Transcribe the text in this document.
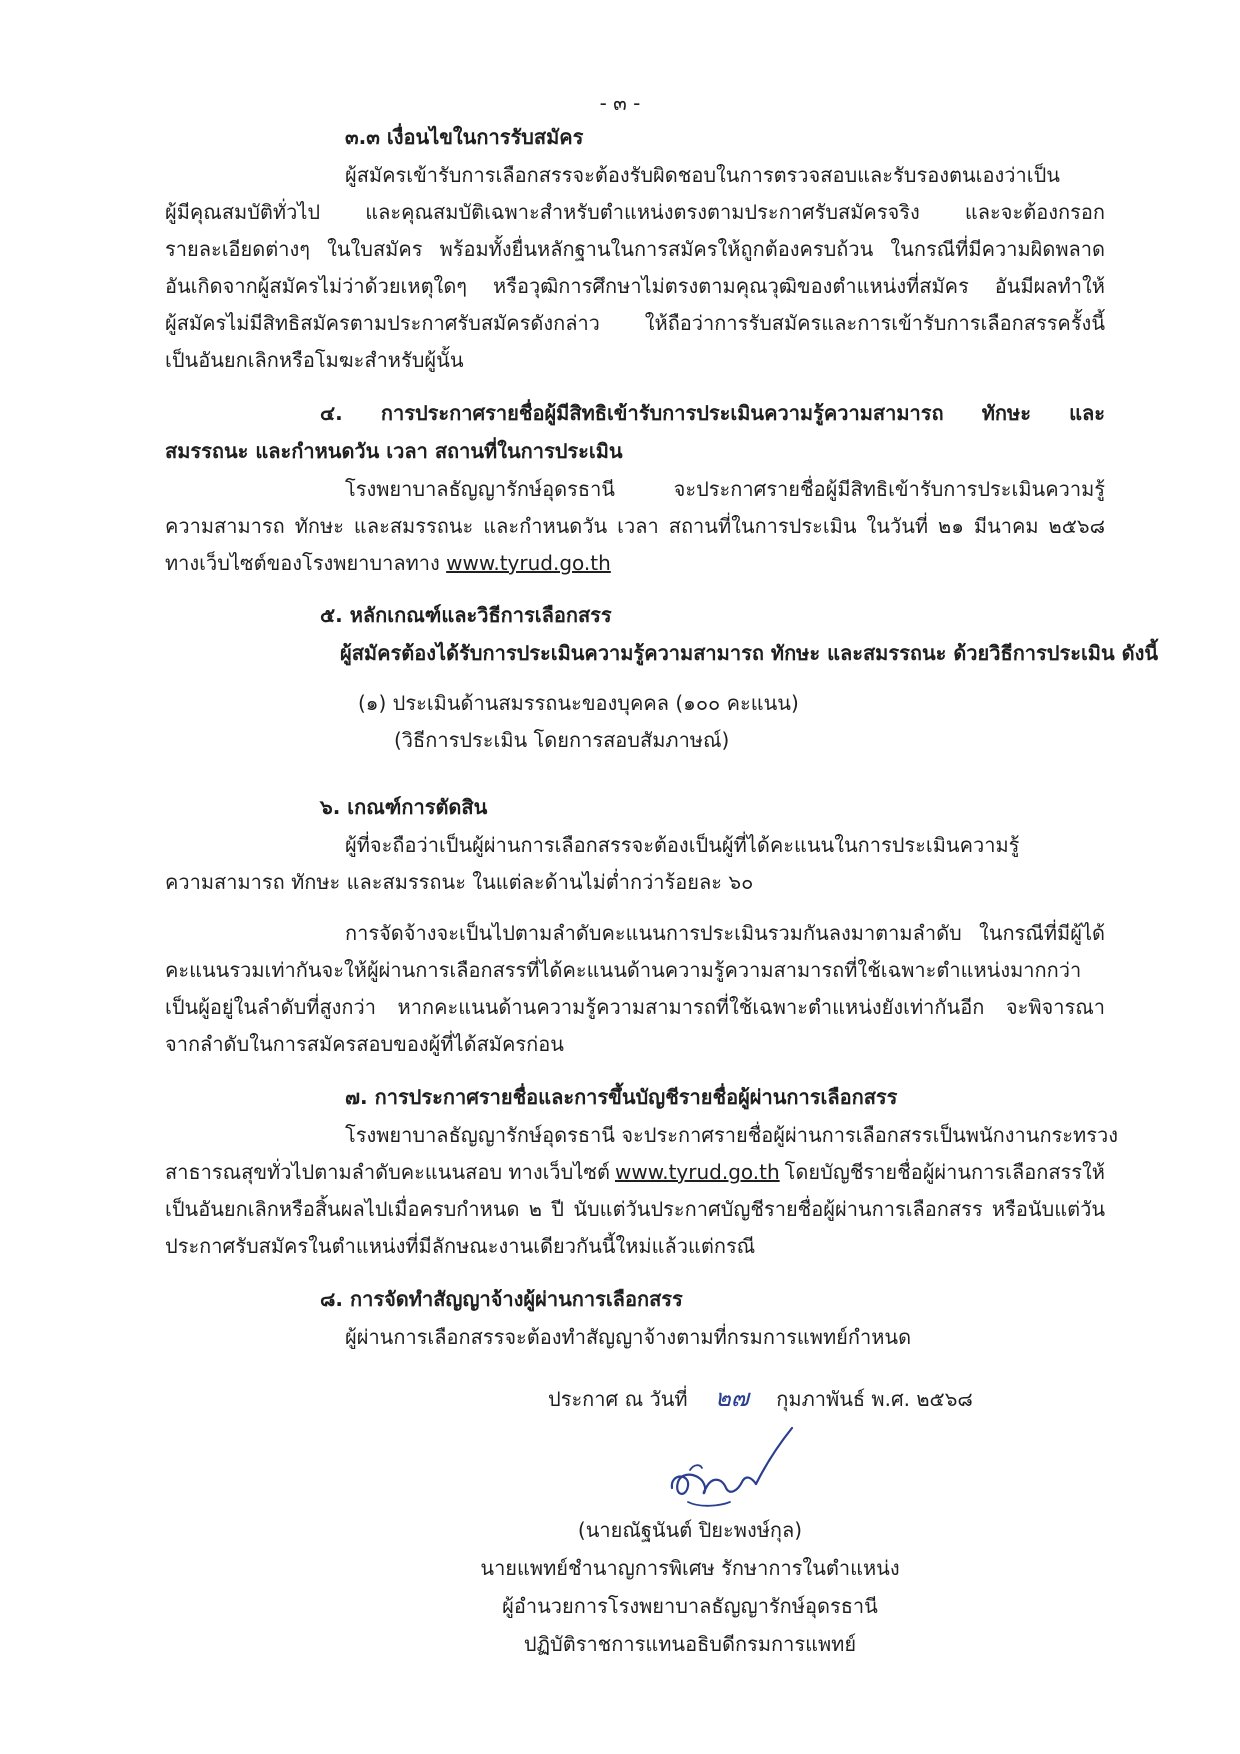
- ๓ -
๓.๓ เงื่อนไขในการรับสมัคร
ผู้สมัครเข้ารับการเลือกสรรจะต้องรับผิดชอบในการตรวจสอบและรับรองตนเองว่าเป็น
ผู้มีคุณสมบัติทั่วไป และคุณสมบัติเฉพาะสำหรับตำแหน่งตรงตามประกาศรับสมัครจริง และจะต้องกรอก
รายละเอียดต่างๆ ในใบสมัคร พร้อมทั้งยื่นหลักฐานในการสมัครให้ถูกต้องครบถ้วน ในกรณีที่มีความผิดพลาด
อันเกิดจากผู้สมัครไม่ว่าด้วยเหตุใดๆ หรือวุฒิการศึกษาไม่ตรงตามคุณวุฒิของตำแหน่งที่สมัคร อันมีผลทำให้
ผู้สมัครไม่มีสิทธิสมัครตามประกาศรับสมัครดังกล่าว ให้ถือว่าการรับสมัครและการเข้ารับการเลือกสรรครั้งนี้
เป็นอันยกเลิกหรือโมฆะสำหรับผู้นั้น
๔. การประกาศรายชื่อผู้มีสิทธิเข้ารับการประเมินความรู้ความสามารถ ทักษะ และ
สมรรถนะ และกำหนดวัน เวลา สถานที่ในการประเมิน
โรงพยาบาลธัญญารักษ์อุดรธานี จะประกาศรายชื่อผู้มีสิทธิเข้ารับการประเมินความรู้
ความสามารถ ทักษะ และสมรรถนะ และกำหนดวัน เวลา สถานที่ในการประเมิน ในวันที่ ๒๑ มีนาคม ๒๕๖๘
ทางเว็บไซต์ของโรงพยาบาลทาง www.tyrud.go.th
๕. หลักเกณฑ์และวิธีการเลือกสรร
ผู้สมัครต้องได้รับการประเมินความรู้ความสามารถ ทักษะ และสมรรถนะ ด้วยวิธีการประเมิน ดังนี้
(๑) ประเมินด้านสมรรถนะของบุคคล (๑๐๐ คะแนน)
(วิธีการประเมิน โดยการสอบสัมภาษณ์)
๖. เกณฑ์การตัดสิน
ผู้ที่จะถือว่าเป็นผู้ผ่านการเลือกสรรจะต้องเป็นผู้ที่ได้คะแนนในการประเมินความรู้
ความสามารถ ทักษะ และสมรรถนะ ในแต่ละด้านไม่ต่ำกว่าร้อยละ ๖๐
การจัดจ้างจะเป็นไปตามลำดับคะแนนการประเมินรวมกันลงมาตามลำดับ ในกรณีที่มีผู้ได้
คะแนนรวมเท่ากันจะให้ผู้ผ่านการเลือกสรรที่ได้คะแนนด้านความรู้ความสามารถที่ใช้เฉพาะตำแหน่งมากกว่า
เป็นผู้อยู่ในลำดับที่สูงกว่า หากคะแนนด้านความรู้ความสามารถที่ใช้เฉพาะตำแหน่งยังเท่ากันอีก จะพิจารณา
จากลำดับในการสมัครสอบของผู้ที่ได้สมัครก่อน
๗. การประกาศรายชื่อและการขึ้นบัญชีรายชื่อผู้ผ่านการเลือกสรร
โรงพยาบาลธัญญารักษ์อุดรธานี จะประกาศรายชื่อผู้ผ่านการเลือกสรรเป็นพนักงานกระทรวง
สาธารณสุขทั่วไปตามลำดับคะแนนสอบ ทางเว็บไซต์ www.tyrud.go.th โดยบัญชีรายชื่อผู้ผ่านการเลือกสรรให้
เป็นอันยกเลิกหรือสิ้นผลไปเมื่อครบกำหนด ๒ ปี นับแต่วันประกาศบัญชีรายชื่อผู้ผ่านการเลือกสรร หรือนับแต่วัน
ประกาศรับสมัครในตำแหน่งที่มีลักษณะงานเดียวกันนี้ใหม่แล้วแต่กรณี
๘. การจัดทำสัญญาจ้างผู้ผ่านการเลือกสรร
ผู้ผ่านการเลือกสรรจะต้องทำสัญญาจ้างตามที่กรมการแพทย์กำหนด
ประกาศ ณ วันที่ ๒๗ กุมภาพันธ์ พ.ศ. ๒๕๖๘
(นายณัฐนันต์ ปิยะพงษ์กุล)
นายแพทย์ชำนาญการพิเศษ รักษาการในตำแหน่ง
ผู้อำนวยการโรงพยาบาลธัญญารักษ์อุดรธานี
ปฏิบัติราชการแทนอธิบดีกรมการแพทย์
